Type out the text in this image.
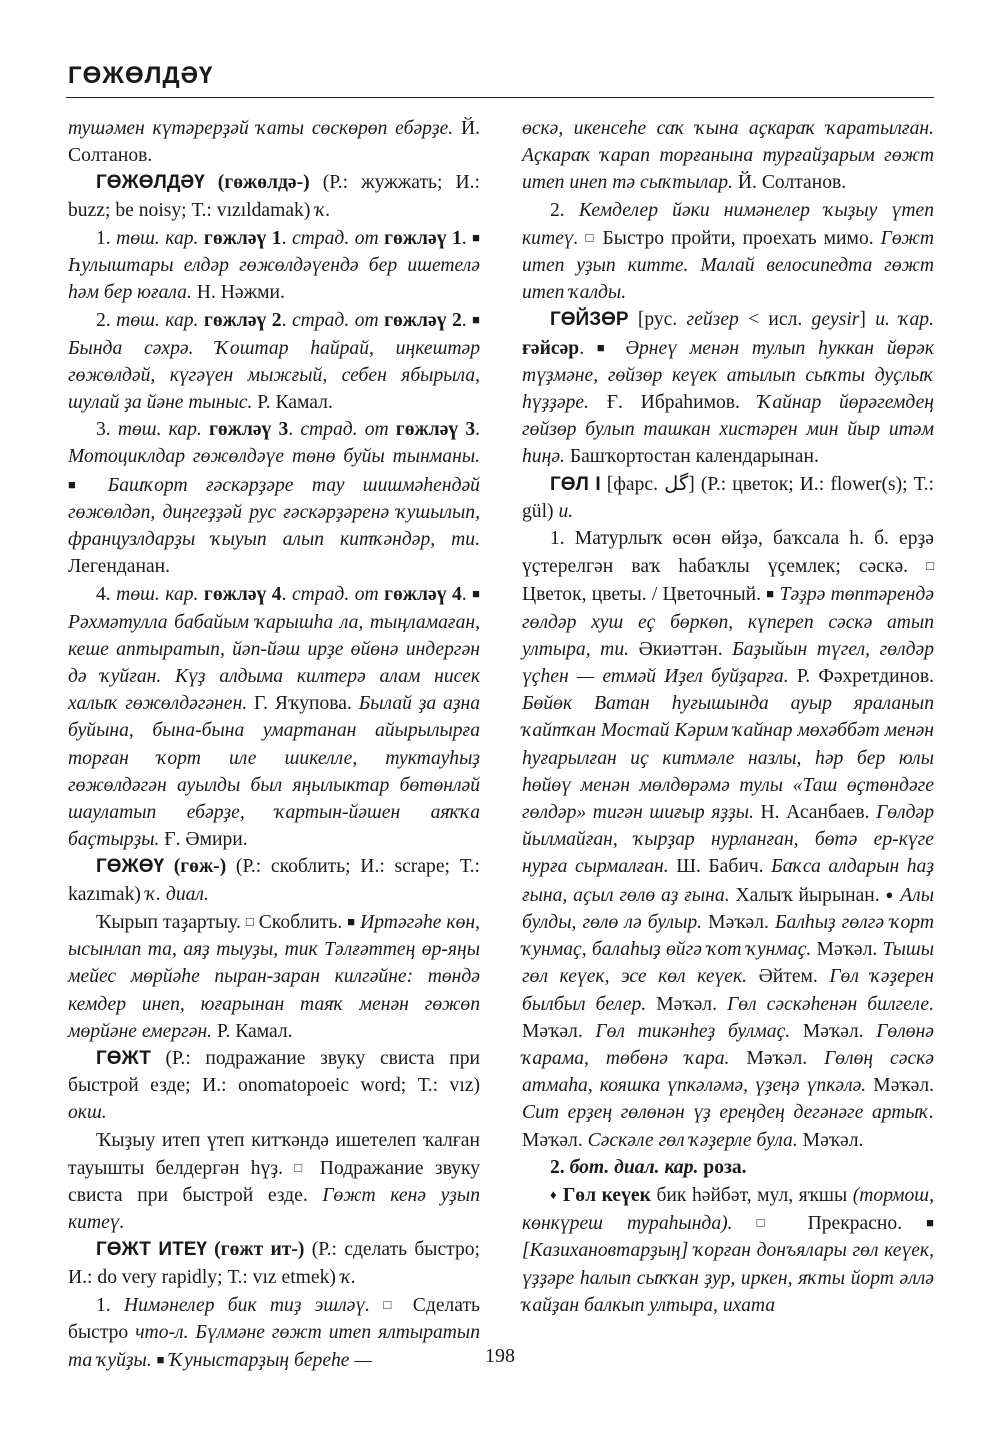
ГӨЖӨЛДӘҮ

тушәмен күтәрерҙәй ҡаты сөскөрөп ебәрҙе. Й. Солтанов.

ГӨЖӨЛДӘҮ (гөжөлдә-) (Р.: жужжать; И.: buzz; be noisy; Т.: vızıldamak) ҡ.

1. төш. кар. гөжләү 1. страд. от гөжләү 1. ■ Һулыштары елдәр гөжөлдәүендә бер ишетелә һәм бер юғала. Н. Нәжми.

2. төш. кар. гөжләү 2. страд. от гөжләү 2. ■ Бында сәхрә. Ҡоштар һайрай, иңкештәр гөжөлдәй, күгәүен мыжғый, себен ябырыла, шулай ҙа йәне тыныс. Р. Камал.

3. төш. кар. гөжләү 3. страд. от гөжләү 3. Мотоциклдар гөжөлдәүе төнө буйы тынманы. ■ Башҡорт ғәскәрҙәре тау шишмәһендәй гөжөлдәп, диңгеҙҙәй рус ғәскәрҙәренә ҡушылып, французлдарҙы ҡыуып алып китҡәндәр, ти. Легенданан.

4. төш. кар. гөжләү 4. страд. от гөжләү 4. ■ Рәхмәтулла бабайым ҡарышһа ла, тыңламаған, кеше аптыратып, йәп-йәш ирҙе өйөнә индергән дә ҡуйған. Күҙ алдыма килтерә алам нисек халыҡ гөжөлдәгәнен. Г. Яҡупова. Былай ҙа аҙна буйына, бына-бына умартанан айырылырға торған ҡорт иле шикелле, туктауһыҙ гөжөлдәгән ауылды был яңылыктар бөтөнләй шаулатып ебәрҙе, ҡартын-йәшен аяҡҡа баҫтырҙы. Ғ. Әмири.

ГӨЖӨҮ (гөж-) (Р.: скоблить; И.: scrape; Т.: kazımak) ҡ. диал.

Ҡырып таҙартыу. □ Скоблить. ■ Иртәгәһе көн, ысынлап та, аяҙ тыуҙы, тик Тәлғәттең өр-яңы мейес мөрйәһе пыран-заран килгәйне: төндә кемдер инеп, юғарынан таяҡ менән гөжөп мөрйәне емергән. Р. Камал.

ГӨЖТ (Р.: подражание звуку свиста при быстрой езде; И.: onomatopoeic word; Т.: vız) окш.

Ҡыҙыу итеп үтеп китҡәндә ишетелеп ҡалған тауышты белдергән һүҙ. □ Подражание звуку свиста при быстрой езде. Гөжт кенә уҙып китеү.

ГӨЖТ ИТЕҮ (гөжт ит-) (Р.: сделать быстро; И.: do very rapidly; Т.: vız etmek) ҡ.

1. Нимәнелер бик тиҙ эшләү. □ Сделать быстро что-л. Бүлмәне гөжт итеп ялтыратып та ҡуйҙы. ■ Ҡуныстарҙың береһе —

өскә, икенсеһе саҡ ҡына аҫкараҡ ҡаратылған. Аҫкараҡ ҡарап торғанына турғайҙарым гөжт итеп инеп тә сыҡтылар. Й. Солтанов.

2. Кемделер йәки нимәнелер ҡыҙыу үтеп китеү. □ Быстро пройти, проехать мимо. Гөжт итеп уҙып китте. Малай велосипедта гөжт итеп ҡалды.

ГӨЙЗӨР [рус. гейзер < исл. geysir] и. ҡар. ғәйсәр. ■ Әрнеү менән тулып һуккан йөрәк түҙмәне, гөйзөр кеүек атылып сыҡты дуҫлыҡ һүҙҙәре. Ғ. Ибраһимов. Ҡайнар йөрәгемдең гөйзөр булып ташкан хистәрен мин йыр итәм һиңә. Башҡортостан календарынан.

ГӨЛ I [фарс. گل] (Р.: цветок; И.: flower(s); Т.: gül) и.

1. Матурлыҡ өсөн өйҙә, баҡсала һ. б. ерҙә үҫтерелгән ваҡ һабаҡлы үҫемлек; сәскә. □ Цветок, цветы. / Цветочный. ■ Тәҙрә төптәрендә гөлдәр хуш еҫ бөркөп, күпереп сәскә атып ултыра, ти. Әкиәттән. Баҙыйын түгел, гөлдәр үҫһен — етмәй Иҙел буйҙарға. Р. Фәхретдинов. Бөйөк Ватан һуғышында ауыр яраланып ҡайтҡан Мостай Кәрим ҡайнар мөхәббәт менән һуғарылған иҫ китмәле назлы, һәр бер юлы һөйөү менән мөлдөрәмә тулы «Таш өҫтөндәге гөлдәр» тигән шиғыр яҙҙы. Н. Асанбаев. Гөлдәр йылмайған, ҡырҙар нурланған, бөтә ер-күге нурға сырмалған. Ш. Бабич. Баҡса алдарын һаҙ ғына, аҫыл гөлө аҙ ғына. Халыҡ йырынан. ● Алы булды, гөлө лә булыр. Мәҡәл. Балһыҙ гөлгә ҡорт ҡунмаҫ, балаһыҙ өйгә ҡот ҡунмаҫ. Мәҡәл. Тышы гөл кеүек, эсе көл кеүек. Әйтем. Гөл ҡәҙерен былбыл белер. Мәҡәл. Гөл сәскәһенән билгеле. Мәҡәл. Гөл тикәнһеҙ булмаҫ. Мәҡәл. Гөлөнә ҡарама, төбөнә ҡара. Мәҡәл. Гөлөң сәскә атмаһа, кояшка үпкәләмә, үҙеңә үпкәлә. Мәҡәл. Сит ерҙең гөлөнән үҙ ереңдең дегәнәге артыҡ. Мәҡәл. Сәскәле гөл ҡәҙерле була. Мәҡәл.

2. бот. диал. кар. роза.

♦ Гөл кеүек бик һәйбәт, мул, яҡшы (тормош, көнкүреш тураһында). □ Прекрасно. ■ [Казихановтарҙың] ҡорған донъялары гөл кеүек, үҙҙәре һалып сыҡҡан ҙур, иркен, яҡты йорт әллә ҡайҙан балкып ултыра, ихата

198
